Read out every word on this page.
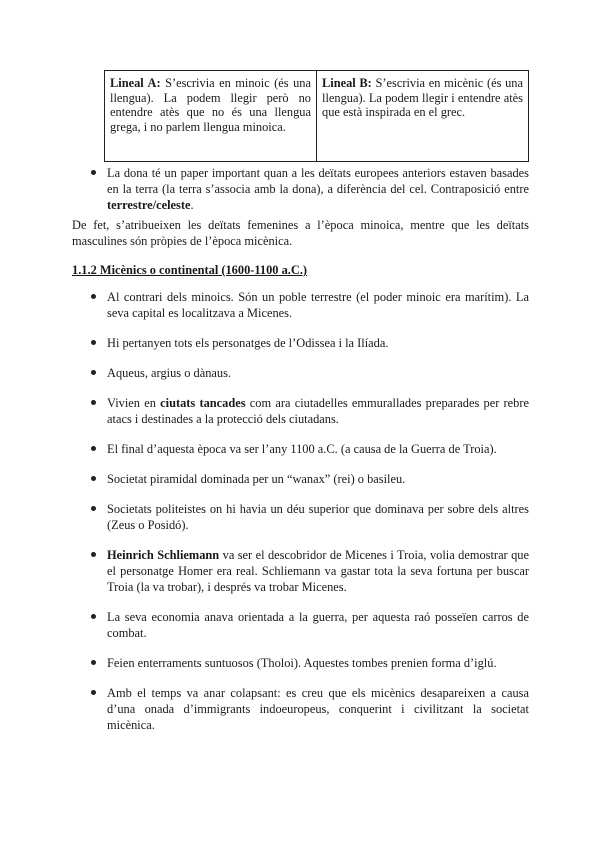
Lineal A: S’escrivia en minoic (és una llengua). La podem llegir però no entendre atès que no és una llengua grega, i no parlem llengua minoica.	Lineal B: S’escrivia en micènic (és una llengua). La podem llegir i entendre atès que està inspirada en el grec.
La dona té un paper important quan a les deïtats europees anteriors estaven basades en la terra (la terra s’associa amb la dona), a diferència del cel. Contraposició entre terrestre/celeste.
De fet, s’atribueixen les deïtats femenines a l’època minoica, mentre que les deïtats masculines són pròpies de l’època micènica.
1.1.2 Micènics o continental (1600-1100 a.C.)
Al contrari dels minoics. Són un poble terrestre (el poder minoic era marítim). La seva capital es localitzava a Micenes.
Hi pertanyen tots els personatges de l’Odissea i la Ilíada.
Aqueus, argius o dànaus.
Vivien en ciutats tancades com ara ciutadelles emmurallades preparades per rebre atacs i destinades a la protecció dels ciutadans.
El final d’aquesta època va ser l’any 1100 a.C. (a causa de la Guerra de Troia).
Societat piramidal dominada per un “wanax” (rei) o basileu.
Societats politeistes on hi havia un déu superior que dominava per sobre dels altres (Zeus o Posidó).
Heinrich Schliemann va ser el descobridor de Micenes i Troia, volia demostrar que el personatge Homer era real. Schliemann va gastar tota la seva fortuna per buscar Troia (la va trobar), i després va trobar Micenes.
La seva economia anava orientada a la guerra, per aquesta raó posseïen carros de combat.
Feien enterraments suntuosos (Tholoi). Aquestes tombes prenien forma d’iglú.
Amb el temps va anar colapsant: es creu que els micènics desapareixen a causa d’una onada d’immigrants indoeuropeus, conquerint i civilitzant la societat micènica.
